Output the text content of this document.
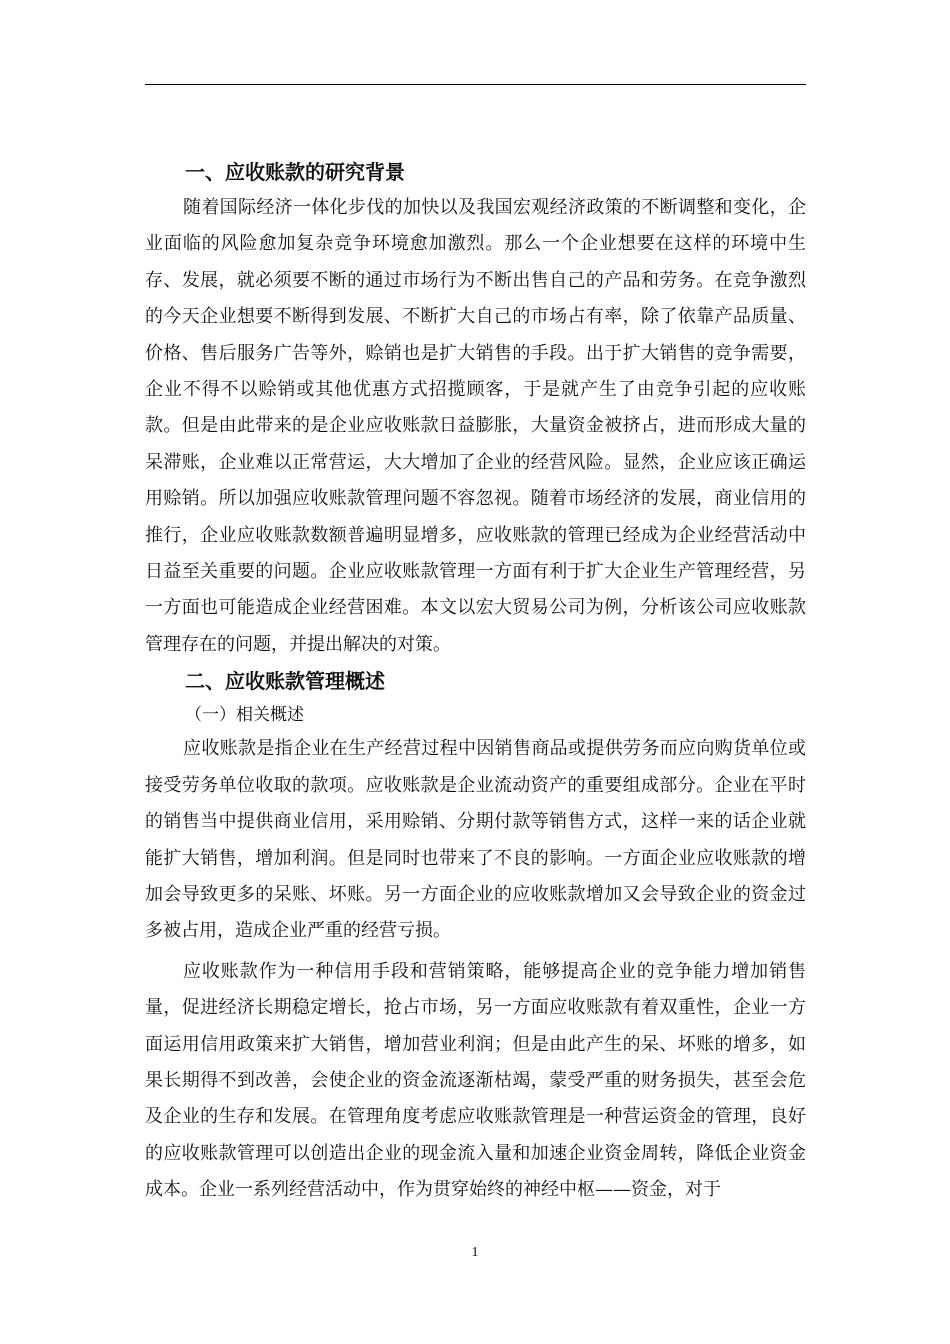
一、应收账款的研究背景

随着国际经济一体化步伐的加快以及我国宏观经济政策的不断调整和变化，企业面临的风险愈加复杂竞争环境愈加激烈。那么一个企业想要在这样的环境中生存、发展，就必须要不断的通过市场行为不断出售自己的产品和劳务。在竞争激烈的今天企业想要不断得到发展、不断扩大自己的市场占有率，除了依靠产品质量、价格、售后服务广告等外，赊销也是扩大销售的手段。出于扩大销售的竞争需要，企业不得不以赊销或其他优惠方式招揽顾客，于是就产生了由竞争引起的应收账款。但是由此带来的是企业应收账款日益膨胀，大量资金被挤占，进而形成大量的呆滞账，企业难以正常营运，大大增加了企业的经营风险。显然，企业应该正确运用赊销。所以加强应收账款管理问题不容忽视。随着市场经济的发展，商业信用的推行，企业应收账款数额普遍明显增多，应收账款的管理已经成为企业经营活动中日益至关重要的问题。企业应收账款管理一方面有利于扩大企业生产管理经营，另一方面也可能造成企业经营困难。本文以宏大贸易公司为例，分析该公司应收账款管理存在的问题，并提出解决的对策。

二、应收账款管理概述

（一）相关概述

应收账款是指企业在生产经营过程中因销售商品或提供劳务而应向购货单位或接受劳务单位收取的款项。应收账款是企业流动资产的重要组成部分。企业在平时的销售当中提供商业信用，采用赊销、分期付款等销售方式，这样一来的话企业就能扩大销售，增加利润。但是同时也带来了不良的影响。一方面企业应收账款的增加会导致更多的呆账、坏账。另一方面企业的应收账款增加又会导致企业的资金过多被占用，造成企业严重的经营亏损。

应收账款作为一种信用手段和营销策略，能够提高企业的竞争能力增加销售量，促进经济长期稳定增长，抢占市场，另一方面应收账款有着双重性，企业一方面运用信用政策来扩大销售，增加营业利润；但是由此产生的呆、坏账的增多，如果长期得不到改善，会使企业的资金流逐渐枯竭，蒙受严重的财务损失，甚至会危及企业的生存和发展。在管理角度考虑应收账款管理是一种营运资金的管理，良好的应收账款管理可以创造出企业的现金流入量和加速企业资金周转，降低企业资金成本。企业一系列经营活动中，作为贯穿始终的神经中枢——资金，对于

1
